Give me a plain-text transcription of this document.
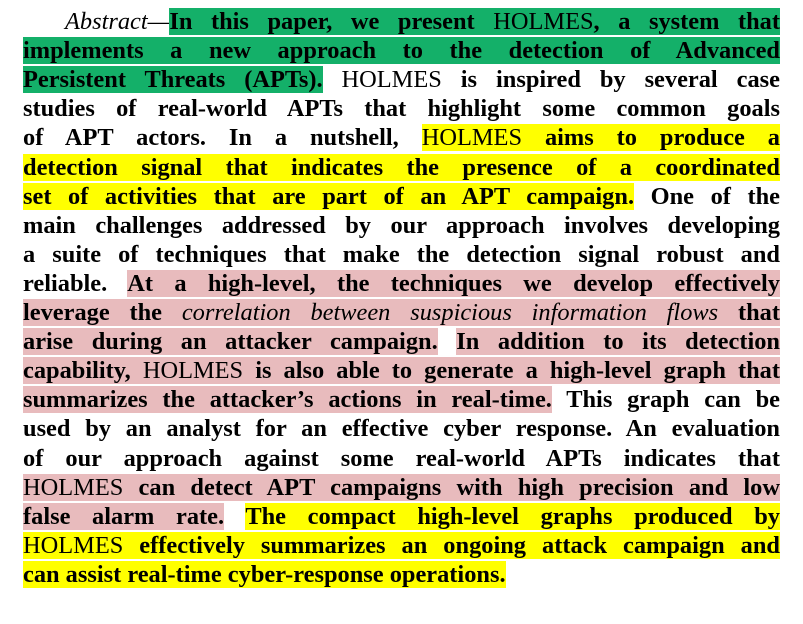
Abstract—In this paper, we present HOLMES, a system that

implements a new approach to the detection of Advanced

Persistent Threats (APTs). HOLMES is inspired by several case

studies of real-world APTs that highlight some common goals

of APT actors. In a nutshell, HOLMES aims to produce a

detection signal that indicates the presence of a coordinated

set of activities that are part of an APT campaign. One of the

main challenges addressed by our approach involves developing

a suite of techniques that make the detection signal robust and

reliable. At a high-level, the techniques we develop effectively

leverage the correlation between suspicious information flows that

arise during an attacker campaign. In addition to its detection

capability, HOLMES is also able to generate a high-level graph that

summarizes the attacker’s actions in real-time. This graph can be

used by an analyst for an effective cyber response. An evaluation

of our approach against some real-world APTs indicates that

HOLMES can detect APT campaigns with high precision and low

false alarm rate. The compact high-level graphs produced by

HOLMES effectively summarizes an ongoing attack campaign and

can assist real-time cyber-response operations.
